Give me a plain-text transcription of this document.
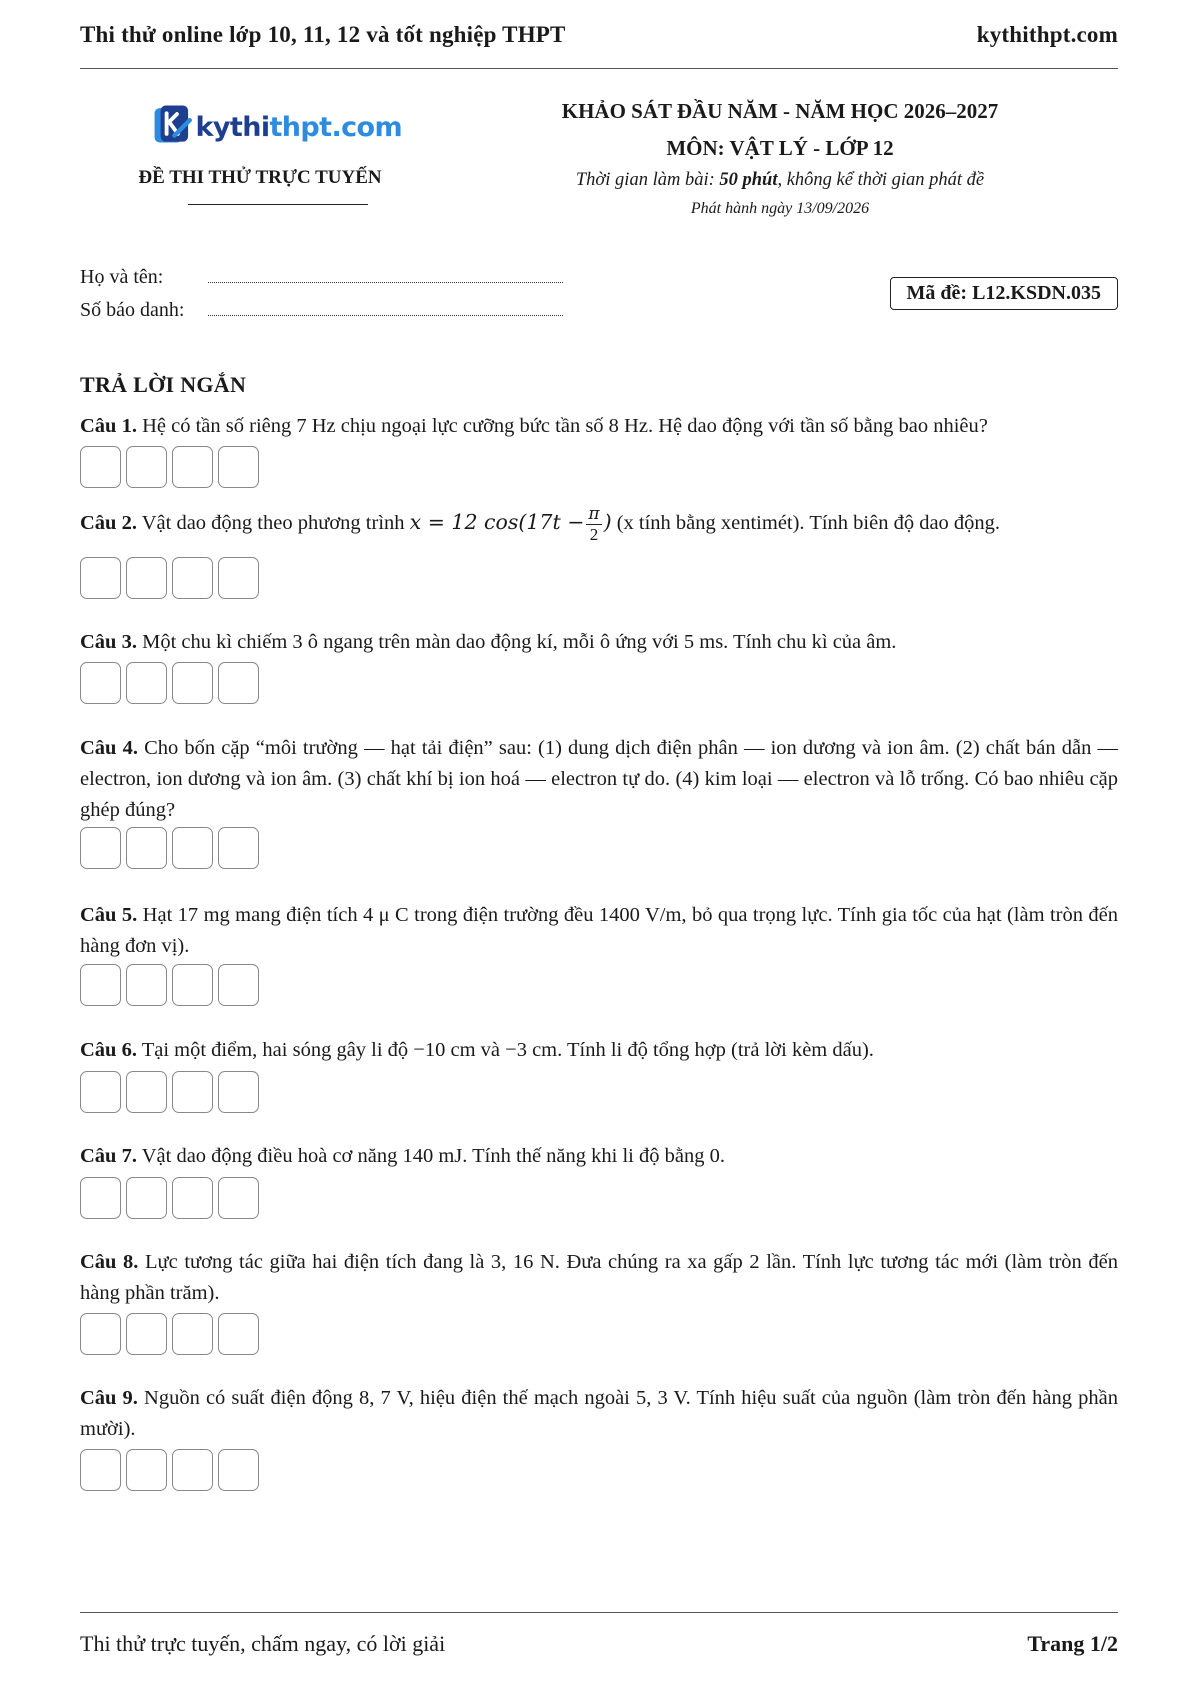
Thi thử online lớp 10, 11, 12 và tốt nghiệp THPT	kythithpt.com
kythithpt.com
ĐỀ THI THỬ TRỰC TUYẾN
KHẢO SÁT ĐẦU NĂM - NĂM HỌC 2026–2027
MÔN: VẬT LÝ - LỚP 12
Thời gian làm bài: 50 phút, không kể thời gian phát đề
Phát hành ngày 13/09/2026
Họ và tên:
Số báo danh:
Mã đề: L12.KSDN.035
TRẢ LỜI NGẮN
Câu 1. Hệ có tần số riêng 7 Hz chịu ngoại lực cưỡng bức tần số 8 Hz. Hệ dao động với tần số bằng bao nhiêu?
Câu 2. Vật dao động theo phương trình x = 12 $\cos(17t - \frac{\pi}{2}$ ) (x tính bằng xentimét). Tính biên độ dao động.
Câu 3. Một chu kì chiếm 3 ô ngang trên màn dao động kí, mỗi ô ứng với 5 ms. Tính chu kì của âm.
Câu 4. Cho bốn cặp “môi trường — hạt tải điện” sau: (1) dung dịch điện phân — ion dương và ion âm. (2) chất bán dẫn — electron, ion dương và ion âm. (3) chất khí bị ion hoá — electron tự do. (4) kim loại — electron và lỗ trống. Có bao nhiêu cặp ghép đúng?
Câu 5. Hạt 17 mg mang điện tích 4 μ C trong điện trường đều 1400 V/m, bỏ qua trọng lực. Tính gia tốc của hạt (làm tròn đến hàng đơn vị).
Câu 6. Tại một điểm, hai sóng gây li độ −10 cm và −3 cm. Tính li độ tổng hợp (trả lời kèm dấu).
Câu 7. Vật dao động điều hoà cơ năng 140 mJ. Tính thế năng khi li độ bằng 0.
Câu 8. Lực tương tác giữa hai điện tích đang là 3, 16 N. Đưa chúng ra xa gấp 2 lần. Tính lực tương tác mới (làm tròn đến hàng phần trăm).
Câu 9. Nguồn có suất điện động 8, 7 V, hiệu điện thế mạch ngoài 5, 3 V. Tính hiệu suất của nguồn (làm tròn đến hàng phần mười).
Thi thử trực tuyến, chấm ngay, có lời giải	Trang 1/2
